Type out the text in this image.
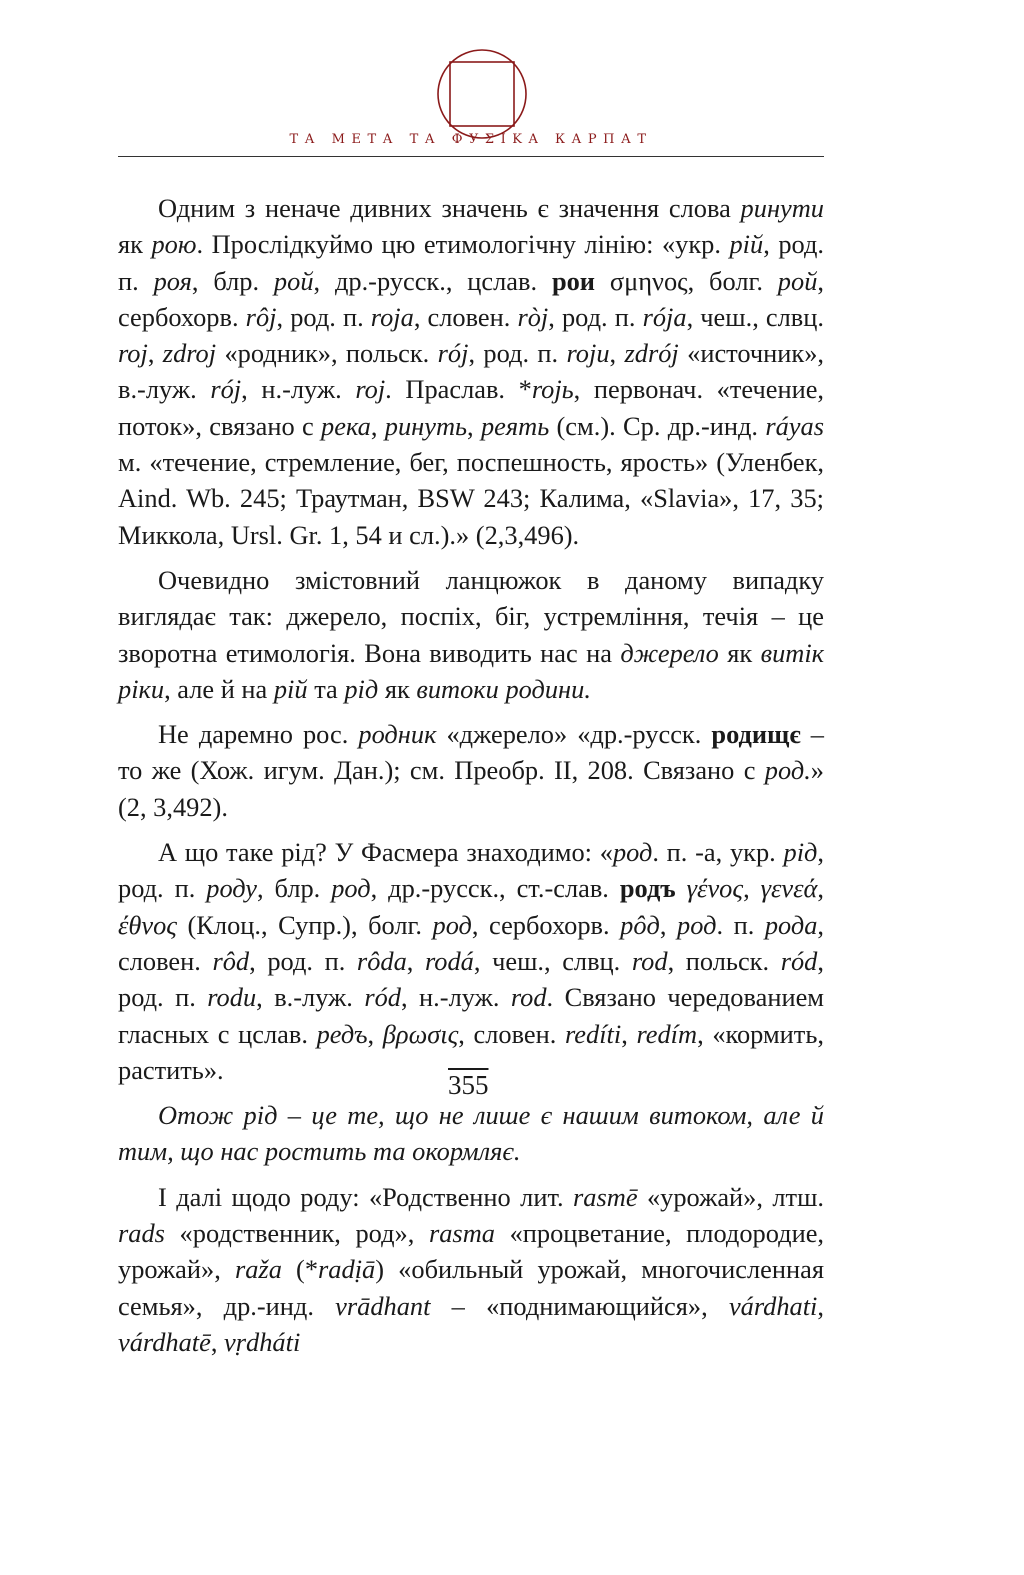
ТА МЕТА ТА ФУΣΙΚΑ КАРПАТ

Одним з неначе дивних значень є значення слова ринути як рою. Прослідкуймо цю етимологічну лінію: «укр. рій, род. п. роя, блр. рой, др.-русск., цслав. рои σμηνος, болг. рой, сербохорв. rôj, род. п. roja, словен. ròj, род. п. rója, чеш., слвц. roj, zdroj «родник», польск. rój, род. п. roju, zdrój «источник», в.-луж. rój, н.-луж. roj. Праслав. *rojь, первонач. «течение, поток», связано с река, ринуть, реять (см.). Ср. др.-инд. ráyas м. «течение, стремление, бег, поспешность, ярость» (Уленбек, Aind. Wb. 245; Траутман, BSW 243; Калима, «Slavia», 17, 35; Миккола, Ursl. Gr. 1, 54 и сл.).» (2,3,496).

Очевидно змістовний ланцюжок в даному випадку виглядає так: джерело, поспіх, біг, устремління, течія – це зворотна етимологія. Вона виводить нас на джерело як витік ріки, але й на рій та рід як витоки родини.

Не даремно рос. родник «джерело» «др.-русск. родищє – то же (Хож. игум. Дан.); см. Преобр. II, 208. Связано с род.» (2, 3,492).

А що таке рід? У Фасмера знаходимо: «род. п. -а, укр. рід, род. п. роду, блр. род, др.-русск., ст.-слав. родъ γένος, γενεά, έθνος (Клоц., Супр.), болг. род, сербохорв. рôд, род. п. рода, словен. rôd, род. п. rôda, rodá, чеш., слвц. rod, польск. ród, род. п. rodu, в.-луж. ród, н.-луж. rod. Связано чередованием гласных с цслав. редъ, βρωσις, словен. redíti, redím, «кормить, растить».

Отож рід – це те, що не лише є нашим витоком, але й тим, що нас ростить та окормляє.

І далі щодо роду: «Родственно лит. rasmē «урожай», лтш. rads «родственник, род», rasma «процветание, плодородие, урожай», raža (*radịā) «обильный урожай, многочисленная семья», др.-инд. vrādhant – «поднимающийся», várdhati, várdhatē, vṛdháti

355
